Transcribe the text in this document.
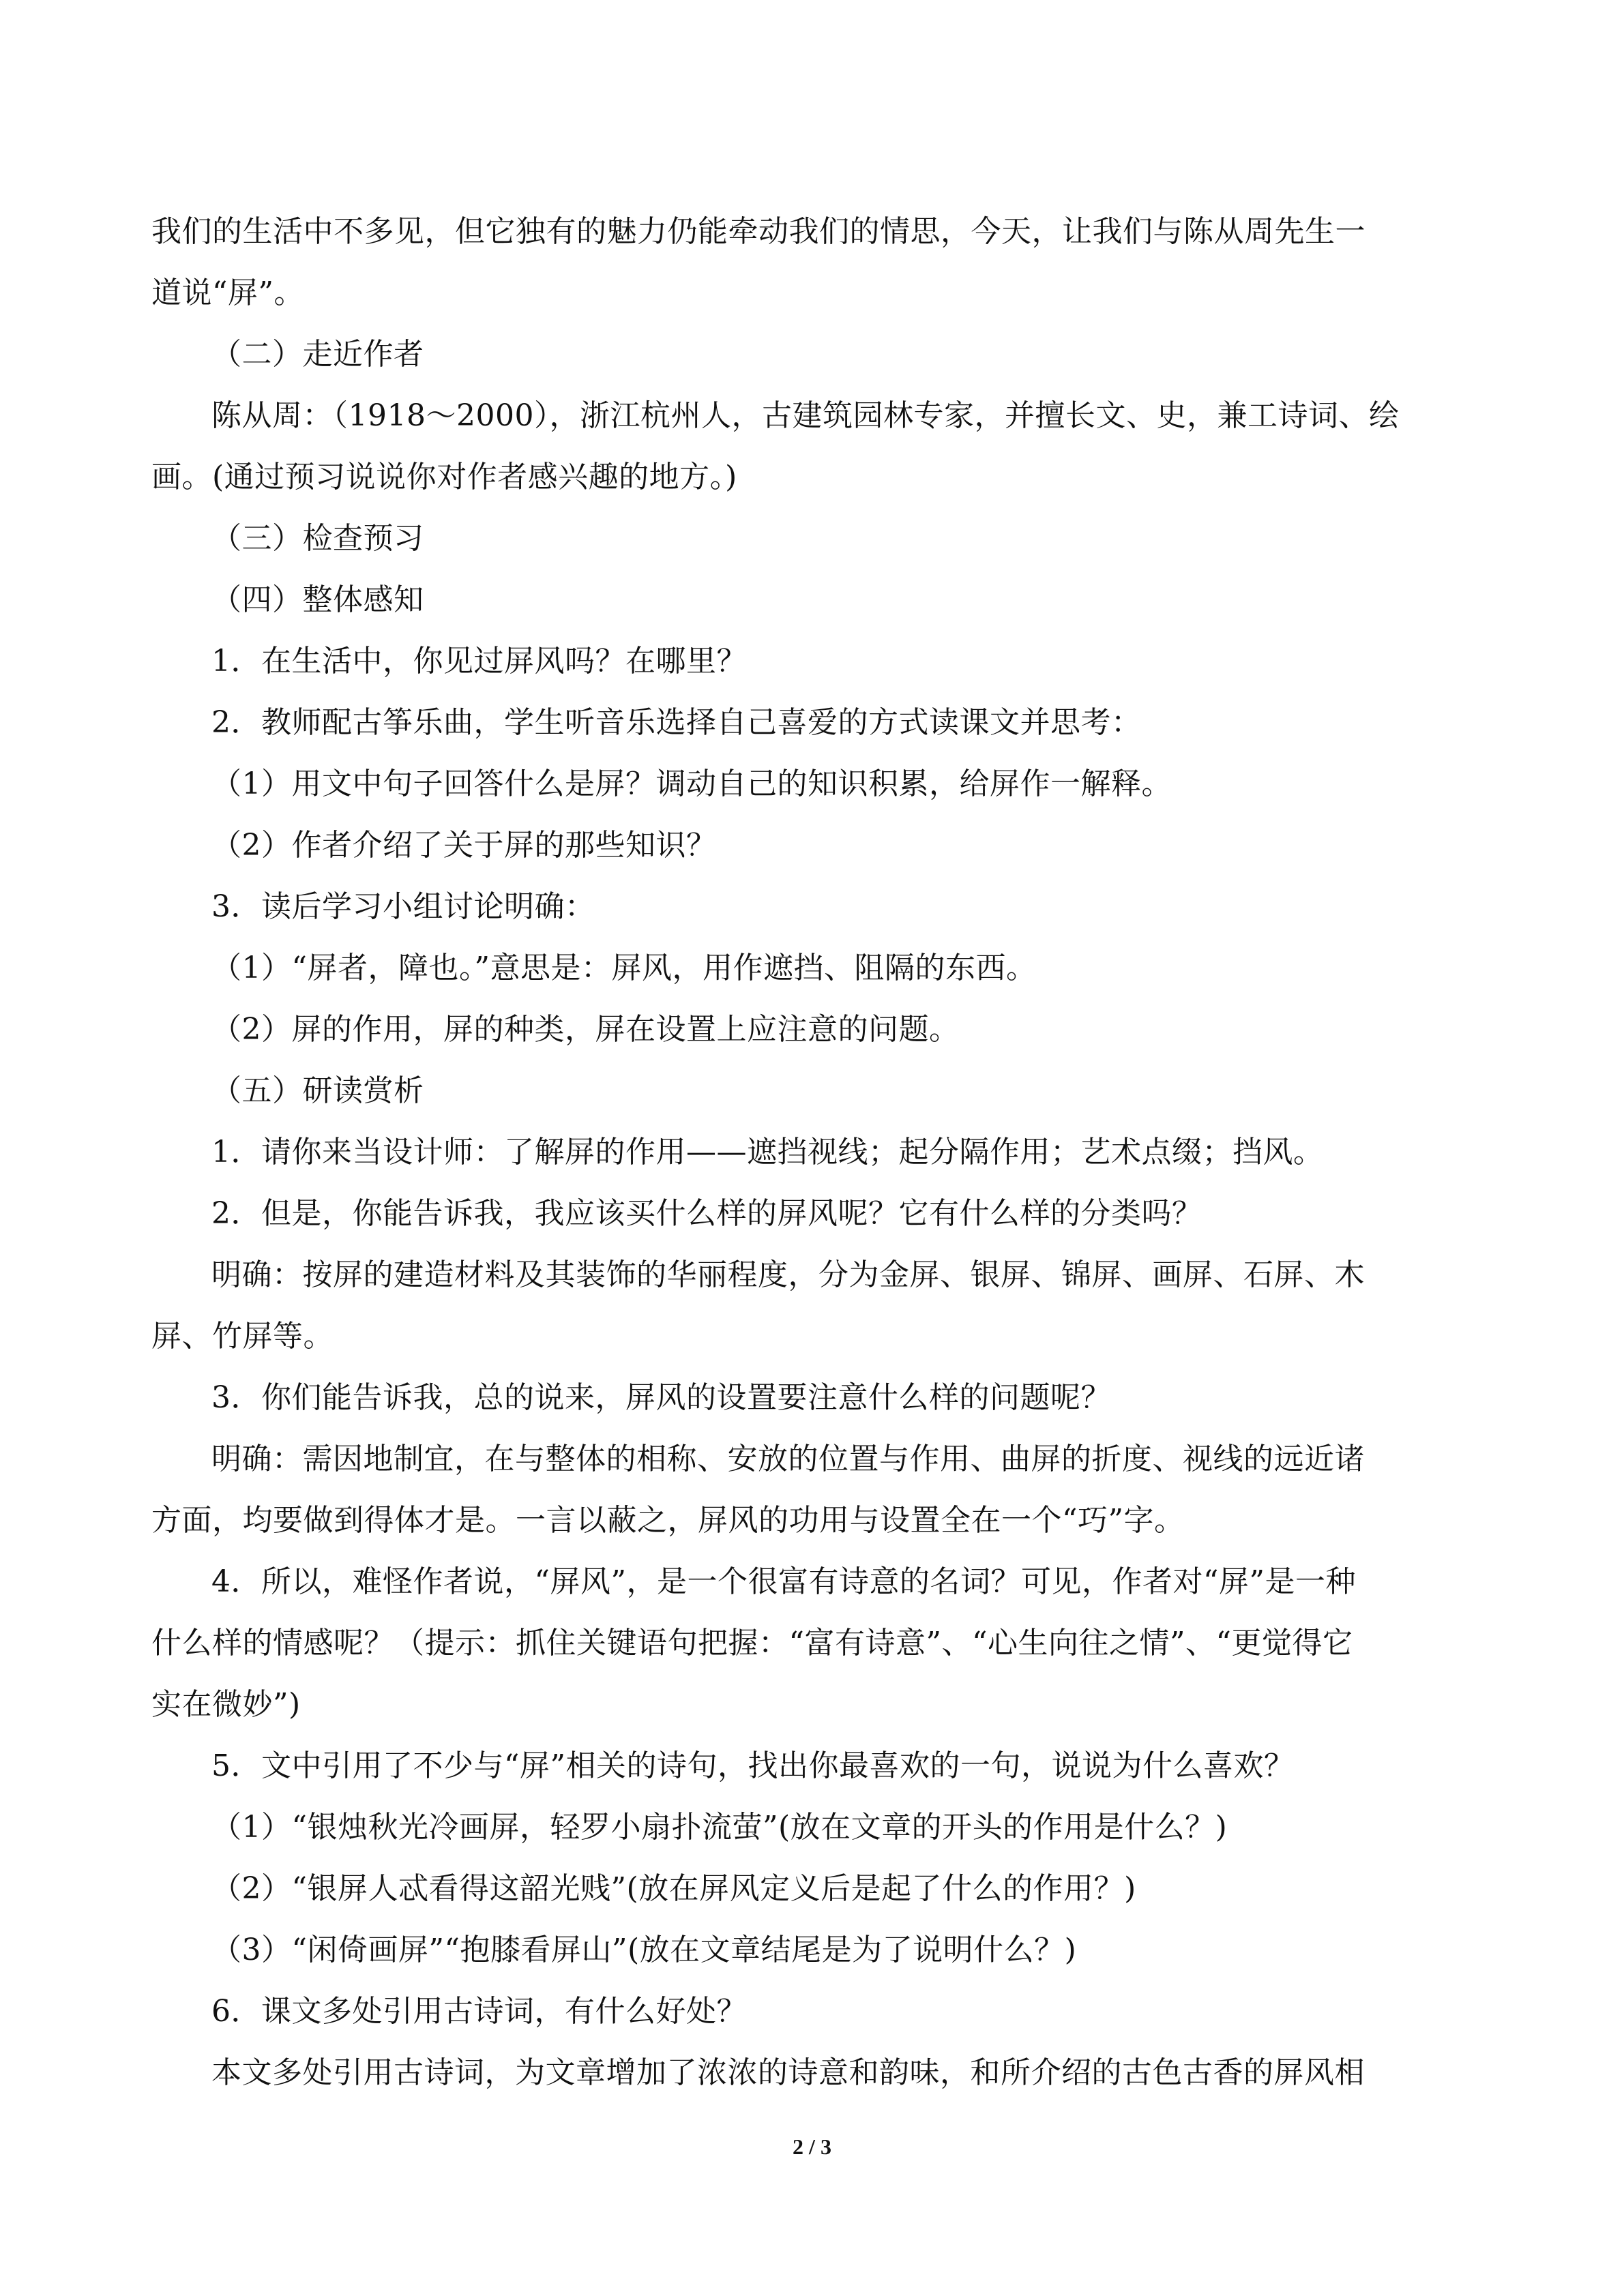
我们的生活中不多见，但它独有的魅力仍能牵动我们的情思，今天，让我们与陈从周先生一
道说“屏”。
（二）走近作者
陈从周：（1918～2000），浙江杭州人，古建筑园林专家，并擅长文、史，兼工诗词、绘
画。(通过预习说说你对作者感兴趣的地方。)
（三）检查预习
（四）整体感知
1．在生活中，你见过屏风吗？在哪里？
2．教师配古筝乐曲，学生听音乐选择自己喜爱的方式读课文并思考：
（1）用文中句子回答什么是屏？调动自己的知识积累，给屏作一解释。
（2）作者介绍了关于屏的那些知识？
3．读后学习小组讨论明确：
（1）“屏者，障也。”意思是：屏风，用作遮挡、阻隔的东西。
（2）屏的作用，屏的种类，屏在设置上应注意的问题。
（五）研读赏析
1．请你来当设计师：了解屏的作用——遮挡视线；起分隔作用；艺术点缀；挡风。
2．但是，你能告诉我，我应该买什么样的屏风呢？它有什么样的分类吗？
明确：按屏的建造材料及其装饰的华丽程度，分为金屏、银屏、锦屏、画屏、石屏、木
屏、竹屏等。
3．你们能告诉我，总的说来，屏风的设置要注意什么样的问题呢？
明确：需因地制宜，在与整体的相称、安放的位置与作用、曲屏的折度、视线的远近诸
方面，均要做到得体才是。一言以蔽之，屏风的功用与设置全在一个“巧”字。
4．所以，难怪作者说，“屏风”，是一个很富有诗意的名词？可见，作者对“屏”是一种
什么样的情感呢？（提示：抓住关键语句把握：“富有诗意”、“心生向往之情”、“更觉得它
实在微妙”)
5．文中引用了不少与“屏”相关的诗句，找出你最喜欢的一句，说说为什么喜欢？
（1）“银烛秋光冷画屏，轻罗小扇扑流萤”(放在文章的开头的作用是什么？)
（2）“银屏人忒看得这韶光贱”(放在屏风定义后是起了什么的作用？)
（3）“闲倚画屏”“抱膝看屏山”(放在文章结尾是为了说明什么？)
6．课文多处引用古诗词，有什么好处？
本文多处引用古诗词，为文章增加了浓浓的诗意和韵味，和所介绍的古色古香的屏风相
2 / 3
